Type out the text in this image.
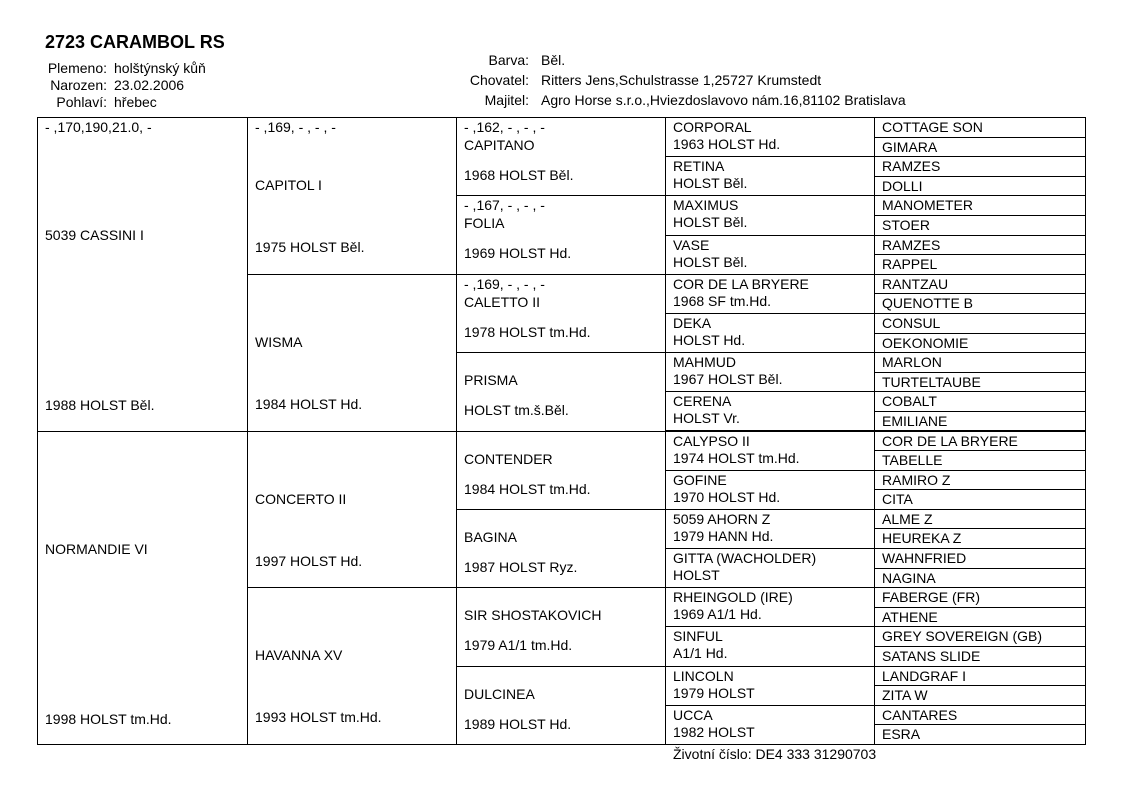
2723 CARAMBOL RS
Plemeno: holštýnský kůň
Narozen: 23.02.2006
Pohlaví: hřebec
Barva: Běl.
Chovatel: Ritters Jens,Schulstrasse 1,25727 Krumstedt
Majitel: Agro Horse s.r.o.,Hviezdoslavovo nám.16,81102 Bratislava
- ,170,190,21.0, -
5039 CASSINI I
1988 HOLST Běl.
NORMANDIE VI
1998 HOLST tm.Hd.
- ,169, - , - , -
CAPITOL I
1975 HOLST Běl.
WISMA
1984 HOLST Hd.
CONCERTO II
1997 HOLST Hd.
HAVANNA XV
1993 HOLST tm.Hd.
- ,162, - , - , -
CAPITANO
1968 HOLST Běl.
- ,167, - , - , -
FOLIA
1969 HOLST Hd.
- ,169, - , - , -
CALETTO II
1978 HOLST tm.Hd.
PRISMA
HOLST tm.š.Běl.
CONTENDER
1984 HOLST tm.Hd.
BAGINA
1987 HOLST Ryz.
SIR SHOSTAKOVICH
1979 A1/1 tm.Hd.
DULCINEA
1989 HOLST Hd.
CORPORAL
1963 HOLST Hd.
RETINA
HOLST Běl.
MAXIMUS
HOLST Běl.
VASE
HOLST Běl.
COR DE LA BRYERE
1968 SF tm.Hd.
DEKA
HOLST Hd.
MAHMUD
1967 HOLST Běl.
CERENA
HOLST Vr.
CALYPSO II
1974 HOLST tm.Hd.
GOFINE
1970 HOLST Hd.
5059 AHORN Z
1979 HANN Hd.
GITTA (WACHOLDER)
HOLST
RHEINGOLD (IRE)
1969 A1/1 Hd.
SINFUL
A1/1 Hd.
LINCOLN
1979 HOLST
UCCA
1982 HOLST
COTTAGE SON
GIMARA
RAMZES
DOLLI
MANOMETER
STOER
RAMZES
RAPPEL
RANTZAU
QUENOTTE B
CONSUL
OEKONOMIE
MARLON
TURTELTAUBE
COBALT
EMILIANE
COR DE LA BRYERE
TABELLE
RAMIRO Z
CITA
ALME Z
HEUREKA Z
WAHNFRIED
NAGINA
FABERGE (FR)
ATHENE
GREY SOVEREIGN (GB)
SATANS SLIDE
LANDGRAF I
ZITA W
CANTARES
ESRA
Životní číslo: DE4 333 31290703
